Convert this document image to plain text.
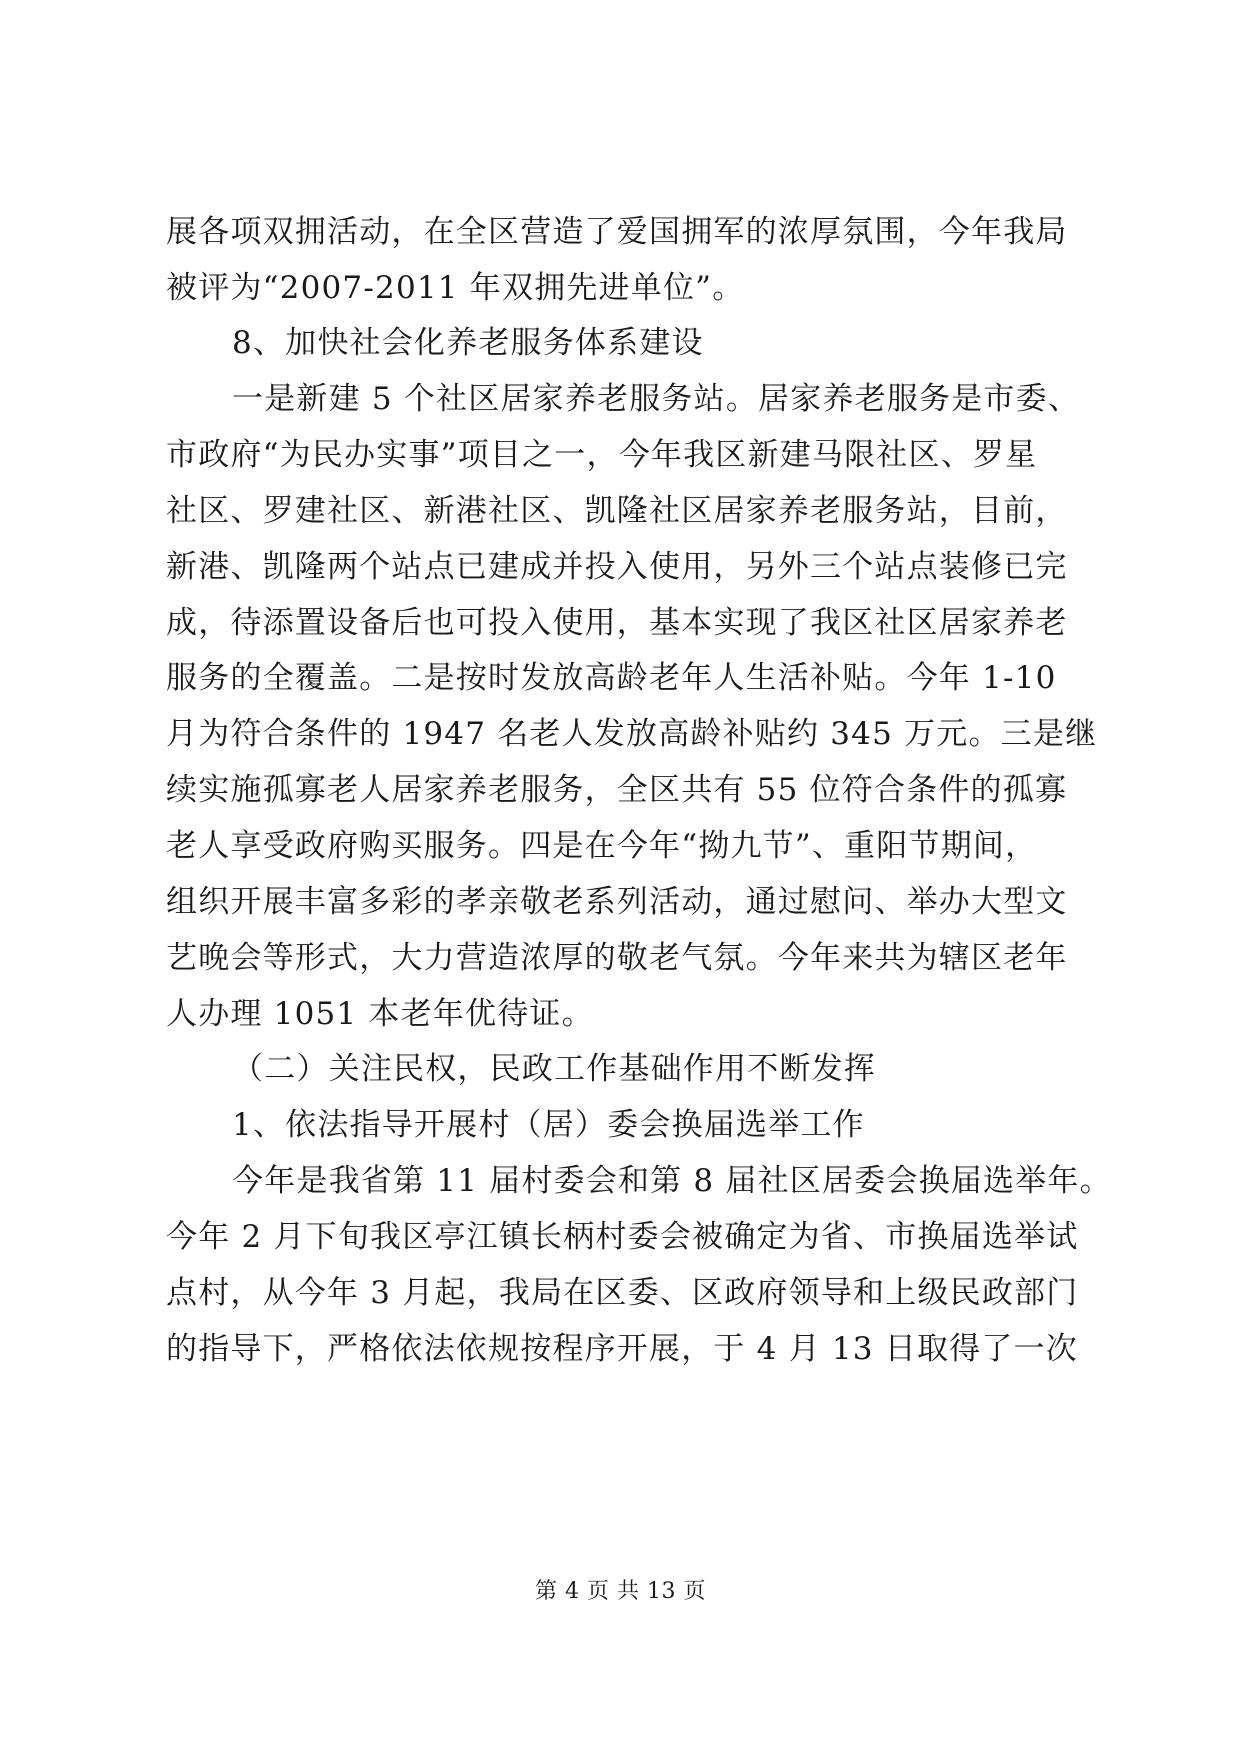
展各项双拥活动，在全区营造了爱国拥军的浓厚氛围，今年我局
被评为“2007-2011 年双拥先进单位”。
8、加快社会化养老服务体系建设
一是新建 5 个社区居家养老服务站。居家养老服务是市委、
市政府“为民办实事”项目之一，今年我区新建马限社区、罗星
社区、罗建社区、新港社区、凯隆社区居家养老服务站，目前，
新港、凯隆两个站点已建成并投入使用，另外三个站点装修已完
成，待添置设备后也可投入使用，基本实现了我区社区居家养老
服务的全覆盖。二是按时发放高龄老年人生活补贴。今年 1-10
月为符合条件的 1947 名老人发放高龄补贴约 345 万元。三是继
续实施孤寡老人居家养老服务，全区共有 55 位符合条件的孤寡
老人享受政府购买服务。四是在今年“拗九节”、重阳节期间，
组织开展丰富多彩的孝亲敬老系列活动，通过慰问、举办大型文
艺晚会等形式，大力营造浓厚的敬老气氛。今年来共为辖区老年
人办理 1051 本老年优待证。
（二）关注民权，民政工作基础作用不断发挥
1、依法指导开展村（居）委会换届选举工作
今年是我省第 11 届村委会和第 8 届社区居委会换届选举年。
今年 2 月下旬我区亭江镇长柄村委会被确定为省、市换届选举试
点村，从今年 3 月起，我局在区委、区政府领导和上级民政部门
的指导下，严格依法依规按程序开展，于 4 月 13 日取得了一次
第 4 页 共 13 页
